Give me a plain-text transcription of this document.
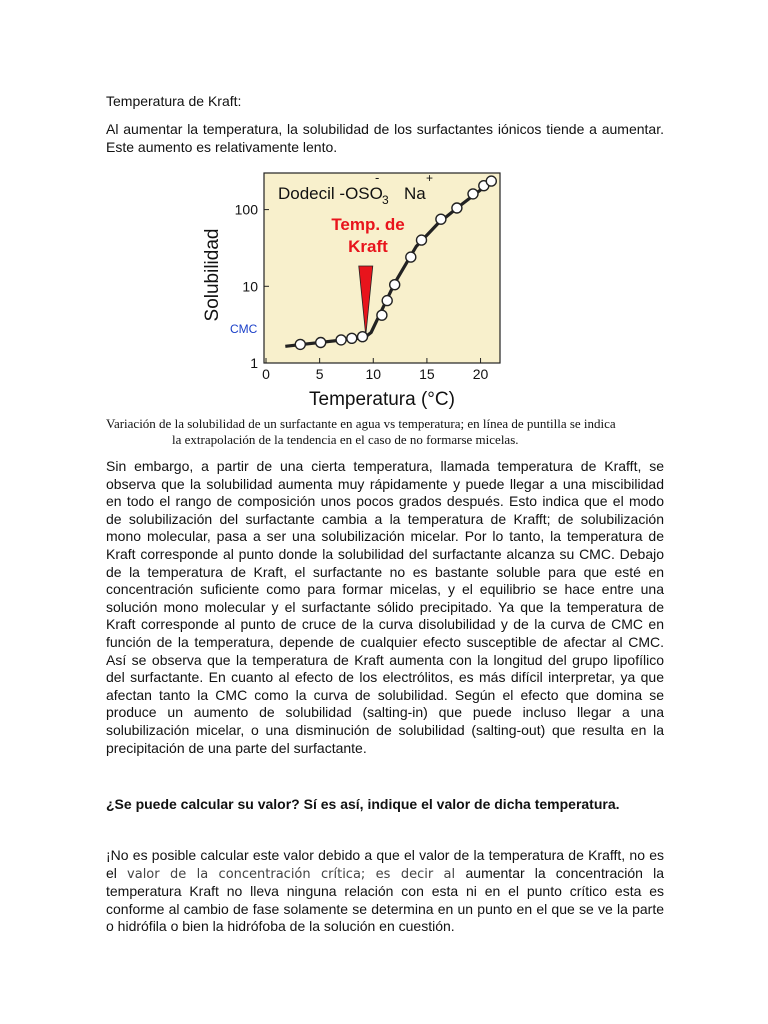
Temperatura de Kraft:

Al aumentar la temperatura, la solubilidad de los surfactantes iónicos tiende a aumentar. Este aumento es relativamente lento.

Dodecil -OSO 3
-
Na
+
Temp. de
Kraft
0	5	10	15	20
1
10
100
CMC
Temperatura (°C)
Solubilidad
Variación de la solubilidad de un surfactante en agua vs temperatura; en línea de puntilla se indica
la extrapolación de la tendencia en el caso de no formarse micelas.

Sin embargo, a partir de una cierta temperatura, llamada temperatura de Krafft, se observa que la solubilidad aumenta muy rápidamente y puede llegar a una miscibilidad en todo el rango de composición unos pocos grados después. Esto indica que el modo de solubilización del surfactante cambia a la temperatura de Krafft; de solubilización mono molecular, pasa a ser una solubilización micelar. Por lo tanto, la temperatura de Kraft corresponde al punto donde la solubilidad del surfactante alcanza su CMC. Debajo de la temperatura de Kraft, el surfactante no es bastante soluble para que esté en concentración suficiente como para formar micelas, y el equilibrio se hace entre una solución mono molecular y el surfactante sólido precipitado. Ya que la temperatura de Kraft corresponde al punto de cruce de la curva disolubilidad y de la curva de CMC en función de la temperatura, depende de cualquier efecto susceptible de afectar al CMC. Así se observa que la temperatura de Kraft aumenta con la longitud del grupo lipofílico del surfactante. En cuanto al efecto de los electrólitos, es más difícil interpretar, ya que afectan tanto la CMC como la curva de solubilidad. Según el efecto que domina se produce un aumento de solubilidad (salting-in) que puede incluso llegar a una solubilización micelar, o una disminución de solubilidad (salting-out) que resulta en la precipitación de una parte del surfactante.

¿Se puede calcular su valor? Sí es así, indique el valor de dicha temperatura.

¡No es posible calcular este valor debido a que el valor de la temperatura de Krafft, no es el valor de la concentración crítica; es decir al aumentar la concentración la temperatura Kraft no lleva ninguna relación con esta ni en el punto crítico esta es conforme al cambio de fase solamente se determina en un punto en el que se ve la parte o hidrófila o bien la hidrófoba de la solución en cuestión.
